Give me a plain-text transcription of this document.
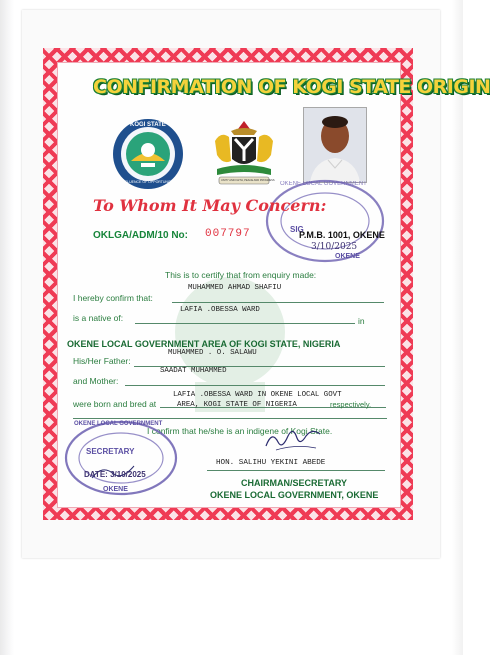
CONFIRMATION OF KOGI STATE ORIGIN
KOGI STATE
CONFLUENCE OF OPPORTUNITIES	UNITY AND FAITH, PEACE AND PROGRESS
OKENE LOCAL GOVERNMENT
SIG
3/10/2025
OKENE
To Whom It May Concern:
OKLGA/ADM/10 No: 007797	P.M.B. 1001, OKENE
This is to certify that from enquiry made:
I hereby confirm that:
MUHAMMED AHMAD SHAFIU
is a native of:
LAFIA .OBESSA WARD
in
OKENE LOCAL GOVERNMENT AREA OF KOGI STATE, NIGERIA
His/Her Father:
MUHAMMED . O. SALAWU
and Mother:
SAADAT MUHAMMED
were born and bred at
LAFIA .OBESSA WARD IN OKENE LOCAL GOVT
AREA, KOGI STATE OF NIGERIA	respectively.
I confirm that he/she is an indigene of Kogi State.
OKENE LOCAL GOVERNMENT
SECRETARY
DATE: 3/10/2025
OKENE
HON. SALIHU YEKINI ABEDE
CHAIRMAN/SECRETARY
OKENE LOCAL GOVERNMENT, OKENE
